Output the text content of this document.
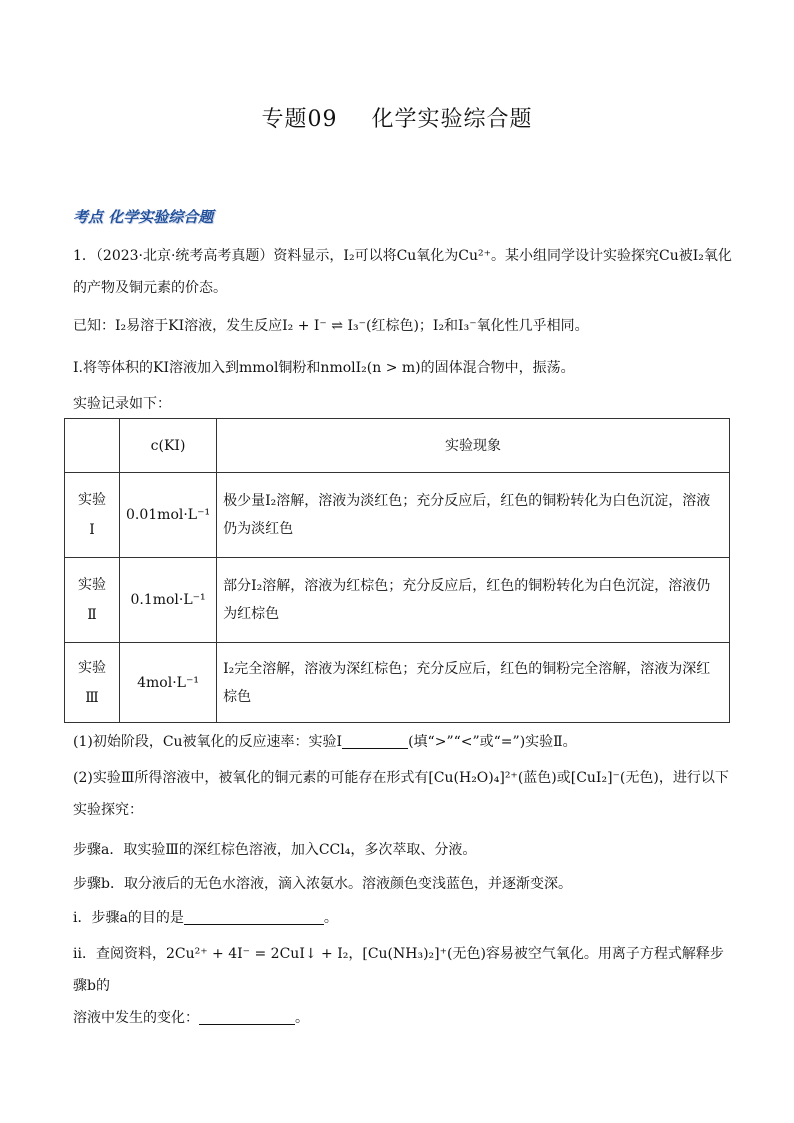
专题09 化学实验综合题
考点 化学实验综合题
1．（2023·北京·统考高考真题）资料显示，I₂可以将Cu氧化为Cu²⁺。某小组同学设计实验探究Cu被I₂氧化
的产物及铜元素的价态。
已知：I₂易溶于KI溶液，发生反应I₂ + I⁻ ⇌ I₃⁻(红棕色)；I₂和I₃⁻氧化性几乎相同。
I.将等体积的KI溶液加入到mmol铜粉和nmolI₂(n > m)的固体混合物中，振荡。
实验记录如下：
	c(KI)	实验现象

实验
Ⅰ	0.01mol·L⁻¹	极少量I₂溶解，溶液为淡红色；充分反应后，红色的铜粉转化为白色沉淀，溶液仍为淡红色

实验
Ⅱ	0.1mol·L⁻¹	部分I₂溶解，溶液为红棕色；充分反应后，红色的铜粉转化为白色沉淀，溶液仍为红棕色

实验
Ⅲ	4mol·L⁻¹	I₂完全溶解，溶液为深红棕色；充分反应后，红色的铜粉完全溶解，溶液为深红棕色
(1)初始阶段，Cu被氧化的反应速率：实验Ⅰ	(填“>”“<”或“=”)实验Ⅱ。
(2)实验Ⅲ所得溶液中，被氧化的铜元素的可能存在形式有[Cu(H₂O)₄]²⁺(蓝色)或[CuI₂]⁻(无色)，进行以下
实验探究：
步骤a．取实验Ⅲ的深红棕色溶液，加入CCl₄，多次萃取、分液。
步骤b．取分液后的无色水溶液，滴入浓氨水。溶液颜色变浅蓝色，并逐渐变深。
ⅰ．步骤a的目的是	。
ⅱ．查阅资料，2Cu²⁺ + 4I⁻ = 2CuI↓ + I₂，[Cu(NH₃)₂]⁺(无色)容易被空气氧化。用离子方程式解释步骤b的
溶液中发生的变化：	。
